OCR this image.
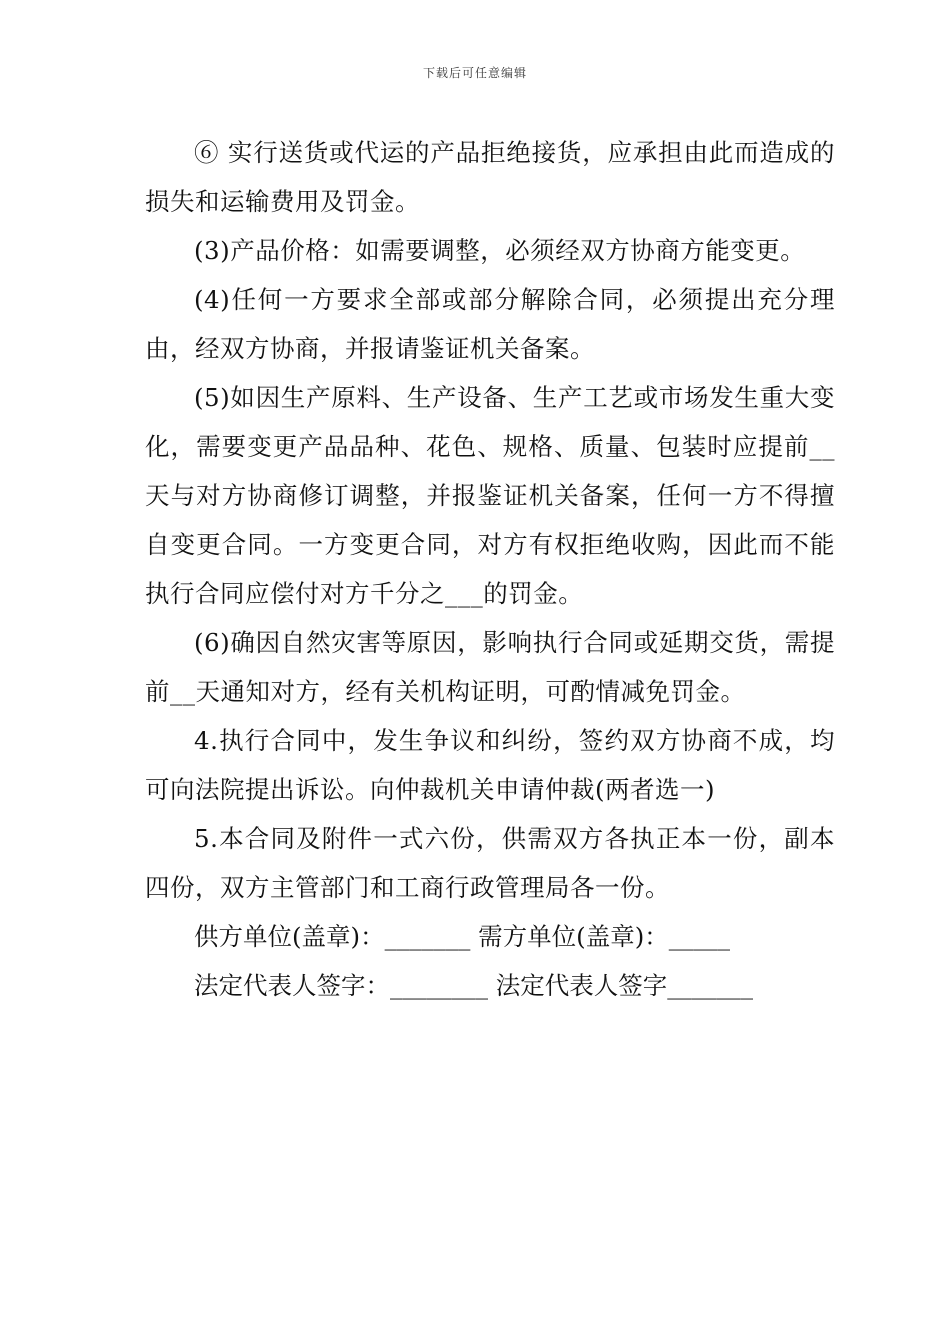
下载后可任意编辑

⑥ 实行送货或代运的产品拒绝接货，应承担由此而造成的损失和运输费用及罚金。

(3)产品价格：如需要调整，必须经双方协商方能变更。

(4)任何一方要求全部或部分解除合同，必须提出充分理由，经双方协商，并报请鉴证机关备案。

(5)如因生产原料、生产设备、生产工艺或市场发生重大变化，需要变更产品品种、花色、规格、质量、包装时应提前__天与对方协商修订调整，并报鉴证机关备案，任何一方不得擅自变更合同。一方变更合同，对方有权拒绝收购，因此而不能执行合同应偿付对方千分之___的罚金。

(6)确因自然灾害等原因，影响执行合同或延期交货，需提前__天通知对方，经有关机构证明，可酌情减免罚金。

4.执行合同中，发生争议和纠纷，签约双方协商不成，均可向法院提出诉讼。向仲裁机关申请仲裁(两者选一)

5.本合同及附件一式六份，供需双方各执正本一份，副本四份，双方主管部门和工商行政管理局各一份。

供方单位(盖章)：_______ 需方单位(盖章)：_____

法定代表人签字：________ 法定代表人签字_______
